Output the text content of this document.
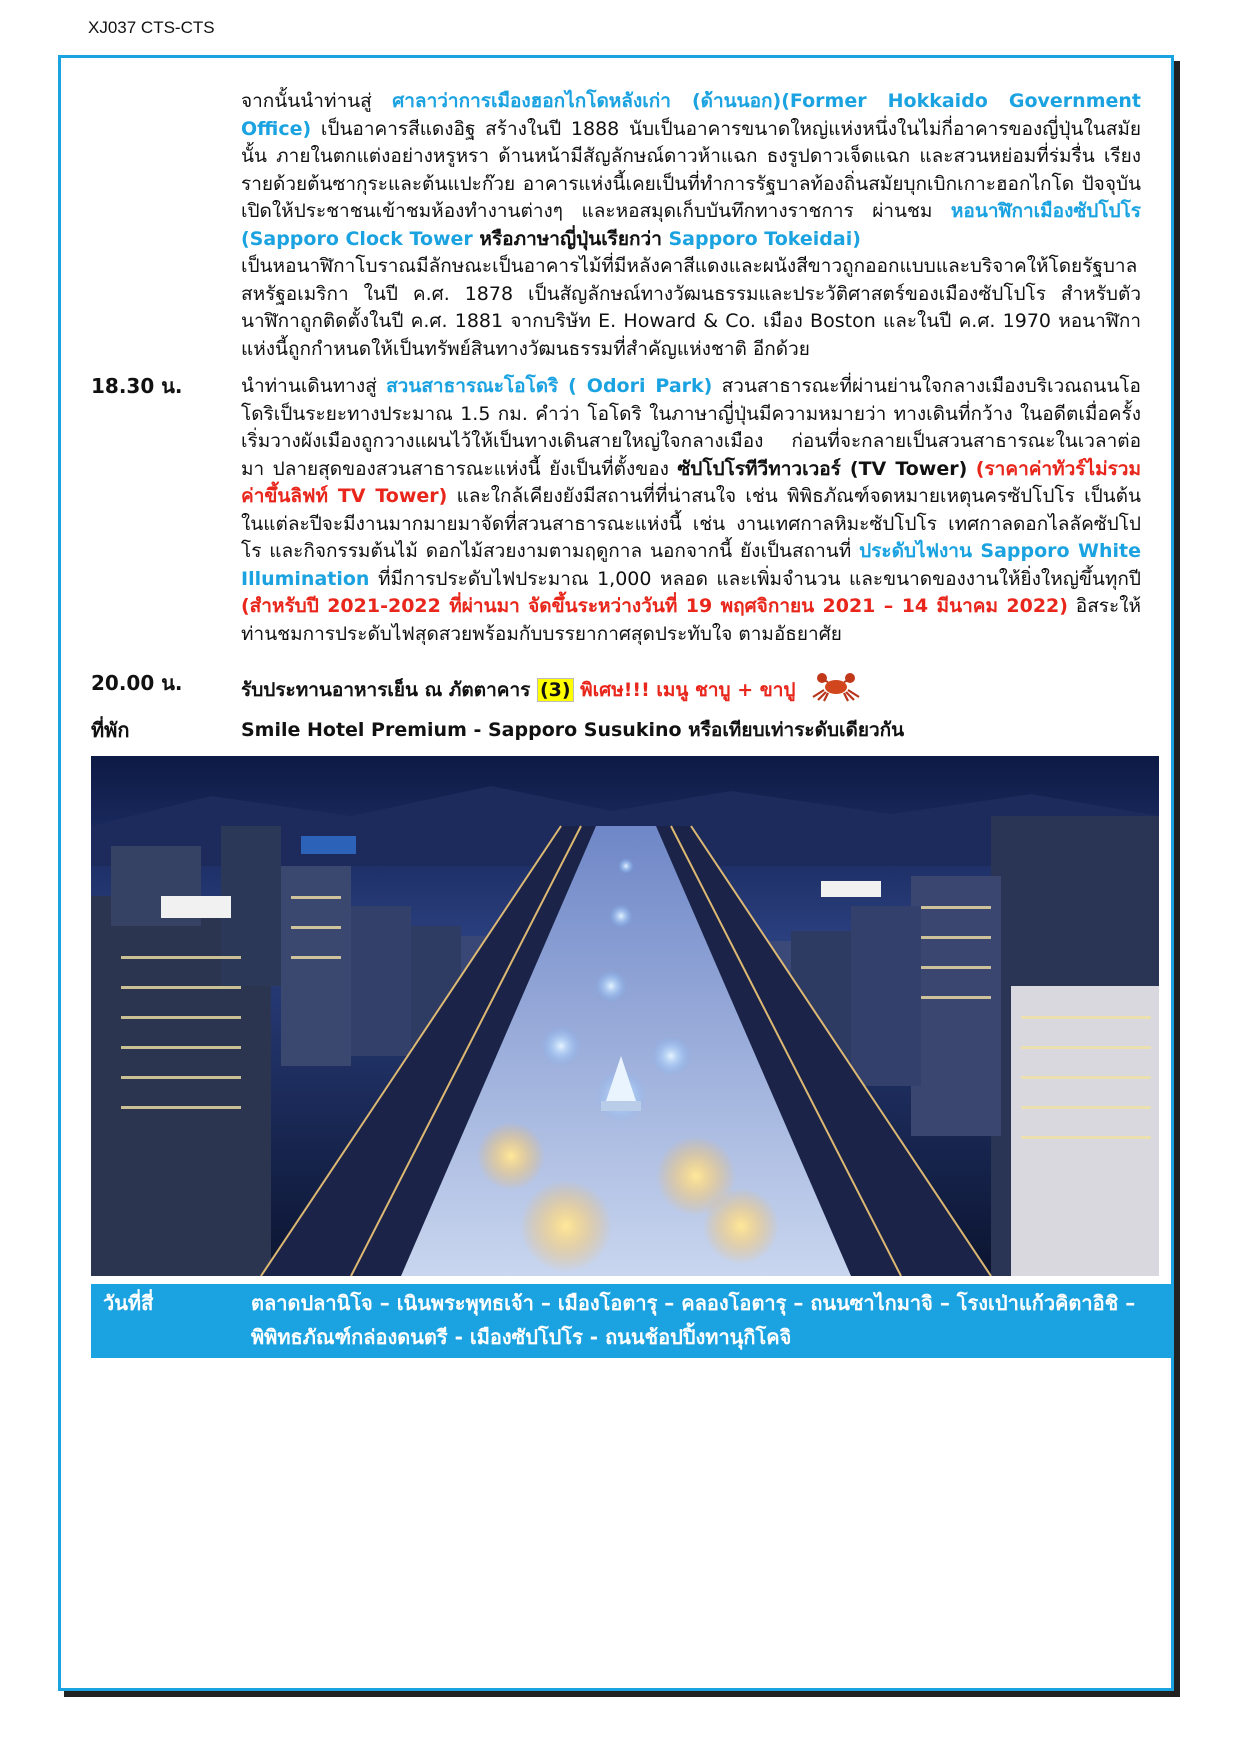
XJ037 CTS-CTS
จากนั้นนำท่านสู่ ศาลาว่าการเมืองฮอกไกโดหลังเก่า (ด้านนอก)(Former Hokkaido Government Office) เป็นอาคารสีแดงอิฐ สร้างในปี 1888 นับเป็นอาคารขนาดใหญ่แห่งหนึ่งในไม่กี่อาคารของญี่ปุ่นในสมัยนั้น ภายในตกแต่งอย่างหรูหรา ด้านหน้ามีสัญลักษณ์ดาวห้าแฉก ธงรูปดาวเจ็ดแฉก และสวนหย่อมที่ร่มรื่น เรียงรายด้วยต้นซากุระและต้นแปะก๊วย อาคารแห่งนี้เคยเป็นที่ทำการรัฐบาลท้องถิ่นสมัยบุกเบิกเกาะฮอกไกโด ปัจจุบันเปิดให้ประชาชนเข้าชมห้องทำงานต่างๆ และหอสมุดเก็บบันทึกทางราชการ ผ่านชม หอนาฬิกาเมืองซัปโปโร (Sapporo Clock Tower หรือภาษาญี่ปุ่นเรียกว่า Sapporo Tokeidai)
เป็นหอนาฬิกาโบราณมีลักษณะเป็นอาคารไม้ที่มีหลังคาสีแดงและผนังสีขาวถูกออกแบบและบริจาคให้โดยรัฐบาลสหรัฐอเมริกา ในปี ค.ศ. 1878 เป็นสัญลักษณ์ทางวัฒนธรรมและประวัติศาสตร์ของเมืองซัปโปโร สำหรับตัวนาฬิกาถูกติดตั้งในปี ค.ศ. 1881 จากบริษัท E. Howard & Co. เมือง Boston และในปี ค.ศ. 1970 หอนาฬิกาแห่งนี้ถูกกำหนดให้เป็นทรัพย์สินทางวัฒนธรรมที่สำคัญแห่งชาติ อีกด้วย
18.30 น.	นำท่านเดินทางสู่ สวนสาธารณะโอโดริ ( Odori Park) สวนสาธารณะที่ผ่านย่านใจกลางเมืองบริเวณถนนโอโดริเป็นระยะทางประมาณ 1.5 กม. คำว่า โอโดริ ในภาษาญี่ปุ่นมีความหมายว่า ทางเดินที่กว้าง ในอดีตเมื่อครั้งเริ่มวางผังเมืองถูกวางแผนไว้ให้เป็นทางเดินสายใหญ่ใจกลางเมือง ก่อนที่จะกลายเป็นสวนสาธารณะในเวลาต่อมา ปลายสุดของสวนสาธารณะแห่งนี้ ยังเป็นที่ตั้งของ ซัปโปโรทีวีทาวเวอร์ (TV Tower) (ราคาค่าทัวร์ไม่รวมค่าขึ้นลิฟท์ TV Tower) และใกล้เคียงยังมีสถานที่ที่น่าสนใจ เช่น พิพิธภัณฑ์จดหมายเหตุนครซัปโปโร เป็นต้น ในแต่ละปีจะมีงานมากมายมาจัดที่สวนสาธารณะแห่งนี้ เช่น งานเทศกาลหิมะซัปโปโร เทศกาลดอกไลลัคซัปโปโร และกิจกรรมต้นไม้ ดอกไม้สวยงามตามฤดูกาล นอกจากนี้ ยังเป็นสถานที่ ประดับไฟงาน Sapporo White Illumination ที่มีการประดับไฟประมาณ 1,000 หลอด และเพิ่มจำนวน และขนาดของงานให้ยิ่งใหญ่ขึ้นทุกปี (สำหรับปี 2021-2022 ที่ผ่านมา จัดขึ้นระหว่างวันที่ 19 พฤศจิกายน 2021 – 14 มีนาคม 2022) อิสระให้ท่านชมการประดับไฟสุดสวยพร้อมกับบรรยากาศสุดประทับใจ ตามอัธยาศัย
20.00 น.	รับประทานอาหารเย็น ณ ภัตตาคาร (3) พิเศษ!!! เมนู ชาบู + ขาปู
ที่พัก	Smile Hotel Premium - Sapporo Susukino หรือเทียบเท่าระดับเดียวกัน
วันที่สี่	ตลาดปลานิโจ – เนินพระพุทธเจ้า – เมืองโอตารุ – คลองโอตารุ – ถนนซาไกมาจิ – โรงเป่าแก้วคิตาอิชิ – พิพิทธภัณฑ์กล่องดนตรี - เมืองซัปโปโร - ถนนช้อปปิ้งทานุกิโคจิ
